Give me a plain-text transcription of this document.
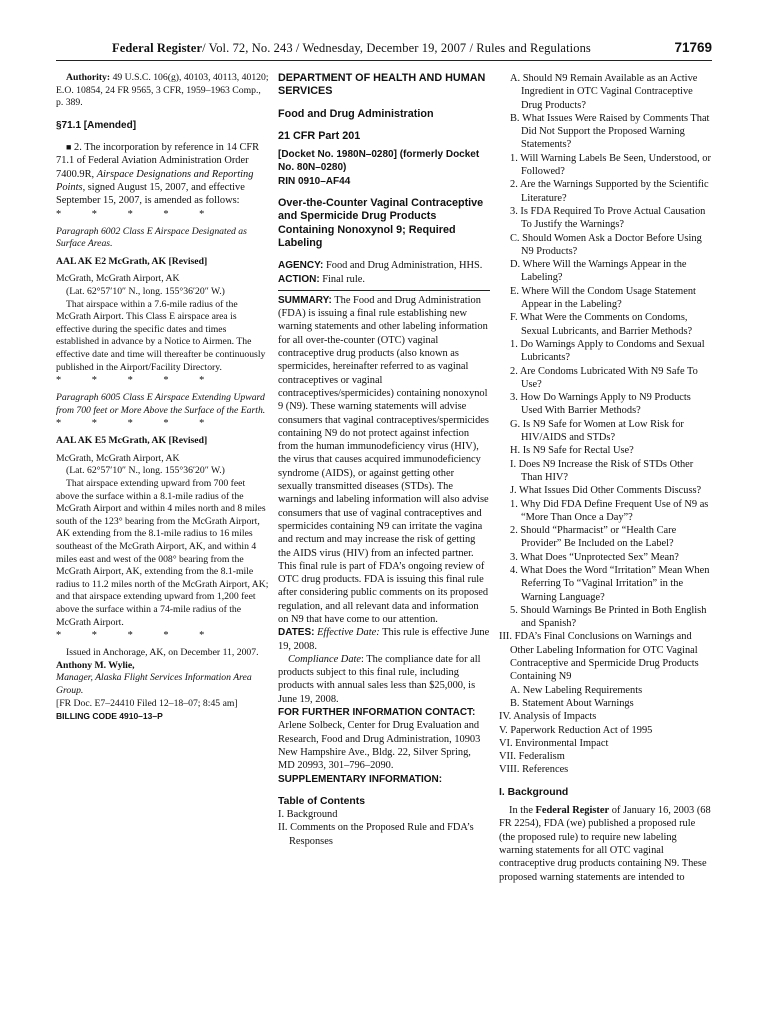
Federal Register/ Vol. 72, No. 243 / Wednesday, December 19, 2007 / Rules and Regulations	71769

Authority: 49 U.S.C. 106(g), 40103, 40113, 40120; E.O. 10854, 24 FR 9565, 3 CFR, 1959–1963 Comp., p. 389.

§71.1 [Amended]

■ 2. The incorporation by reference in 14 CFR 71.1 of Federal Aviation Administration Order 7400.9R, Airspace Designations and Reporting Points, signed August 15, 2007, and effective September 15, 2007, is amended as follows:

* * * * *

Paragraph 6002 Class E Airspace Designated as Surface Areas.

AAL AK E2 McGrath, AK [Revised]

McGrath, McGrath Airport, AK

(Lat. 62°57′10″ N., long. 155°36′20″ W.)

That airspace within a 7.6-mile radius of the McGrath Airport. This Class E airspace area is effective during the specific dates and times established in advance by a Notice to Airmen. The effective date and time will thereafter be continuously published in the Airport/Facility Directory.

* * * * *

Paragraph 6005 Class E Airspace Extending Upward from 700 feet or More Above the Surface of the Earth.

* * * * *

AAL AK E5 McGrath, AK [Revised]

McGrath, McGrath Airport, AK

(Lat. 62°57′10″ N., long. 155°36′20″ W.)

That airspace extending upward from 700 feet above the surface within a 8.1-mile radius of the McGrath Airport and within 4 miles north and 8 miles south of the 123° bearing from the McGrath Airport, AK extending from the 8.1-mile radius to 16 miles southeast of the McGrath Airport, AK, and within 4 miles east and west of the 008° bearing from the McGrath Airport, AK, extending from the 8.1-mile radius to 11.2 miles north of the McGrath Airport, AK; and that airspace extending upward from 1,200 feet above the surface within a 74-mile radius of the McGrath Airport.

* * * * *

Issued in Anchorage, AK, on December 11, 2007.

Anthony M. Wylie,

Manager, Alaska Flight Services Information Area Group.

[FR Doc. E7–24410 Filed 12–18–07; 8:45 am]

BILLING CODE 4910–13–P

DEPARTMENT OF HEALTH AND HUMAN SERVICES

Food and Drug Administration

21 CFR Part 201

[Docket No. 1980N–0280] (formerly Docket No. 80N–0280)

RIN 0910–AF44

Over-the-Counter Vaginal Contraceptive and Spermicide Drug Products Containing Nonoxynol 9; Required Labeling

AGENCY: Food and Drug Administration, HHS.

ACTION: Final rule.

SUMMARY: The Food and Drug Administration (FDA) is issuing a final rule establishing new warning statements and other labeling information for all over-the-counter (OTC) vaginal contraceptive drug products (also known as spermicides, hereinafter referred to as vaginal contraceptives or vaginal contraceptives/spermicides) containing nonoxynol 9 (N9). These warning statements will advise consumers that vaginal contraceptives/spermicides containing N9 do not protect against infection from the human immunodeficiency virus (HIV), the virus that causes acquired immunodeficiency syndrome (AIDS), or against getting other sexually transmitted diseases (STDs). The warnings and labeling information will also advise consumers that use of vaginal contraceptives and spermicides containing N9 can irritate the vagina and rectum and may increase the risk of getting the AIDS virus (HIV) from an infected partner. This final rule is part of FDA’s ongoing review of OTC drug products. FDA is issuing this final rule after considering public comments on its proposed regulation, and all relevant data and information on N9 that have come to our attention.

DATES: Effective Date: This rule is effective June 19, 2008.

Compliance Date: The compliance date for all products subject to this final rule, including products with annual sales less than $25,000, is June 19, 2008.

FOR FURTHER INFORMATION CONTACT:

Arlene Solbeck, Center for Drug Evaluation and Research, Food and Drug Administration, 10903 New Hampshire Ave., Bldg. 22, Silver Spring, MD 20993, 301–796–2090.

SUPPLEMENTARY INFORMATION:

Table of Contents

I. Background

II. Comments on the Proposed Rule and FDA’s Responses

A. Should N9 Remain Available as an Active Ingredient in OTC Vaginal Contraceptive Drug Products?

B. What Issues Were Raised by Comments That Did Not Support the Proposed Warning Statements?

1. Will Warning Labels Be Seen, Understood, or Followed?

2. Are the Warnings Supported by the Scientific Literature?

3. Is FDA Required To Prove Actual Causation To Justify the Warnings?

C. Should Women Ask a Doctor Before Using N9 Products?

D. Where Will the Warnings Appear in the Labeling?

E. Where Will the Condom Usage Statement Appear in the Labeling?

F. What Were the Comments on Condoms, Sexual Lubricants, and Barrier Methods?

1. Do Warnings Apply to Condoms and Sexual Lubricants?

2. Are Condoms Lubricated With N9 Safe To Use?

3. How Do Warnings Apply to N9 Products Used With Barrier Methods?

G. Is N9 Safe for Women at Low Risk for HIV/AIDS and STDs?

H. Is N9 Safe for Rectal Use?

I. Does N9 Increase the Risk of STDs Other Than HIV?

J. What Issues Did Other Comments Discuss?

1. Why Did FDA Define Frequent Use of N9 as “More Than Once a Day”?

2. Should “Pharmacist” or “Health Care Provider” Be Included on the Label?

3. What Does “Unprotected Sex” Mean?

4. What Does the Word “Irritation” Mean When Referring To “Vaginal Irritation” in the Warning Language?

5. Should Warnings Be Printed in Both English and Spanish?

III. FDA’s Final Conclusions on Warnings and Other Labeling Information for OTC Vaginal Contraceptive and Spermicide Drug Products Containing N9

A. New Labeling Requirements

B. Statement About Warnings

IV. Analysis of Impacts

V. Paperwork Reduction Act of 1995

VI. Environmental Impact

VII. Federalism

VIII. References

I. Background

In the Federal Register of January 16, 2003 (68 FR 2254), FDA (we) published a proposed rule (the proposed rule) to require new labeling warning statements for all OTC vaginal contraceptive drug products containing N9. These proposed warning statements are intended to
